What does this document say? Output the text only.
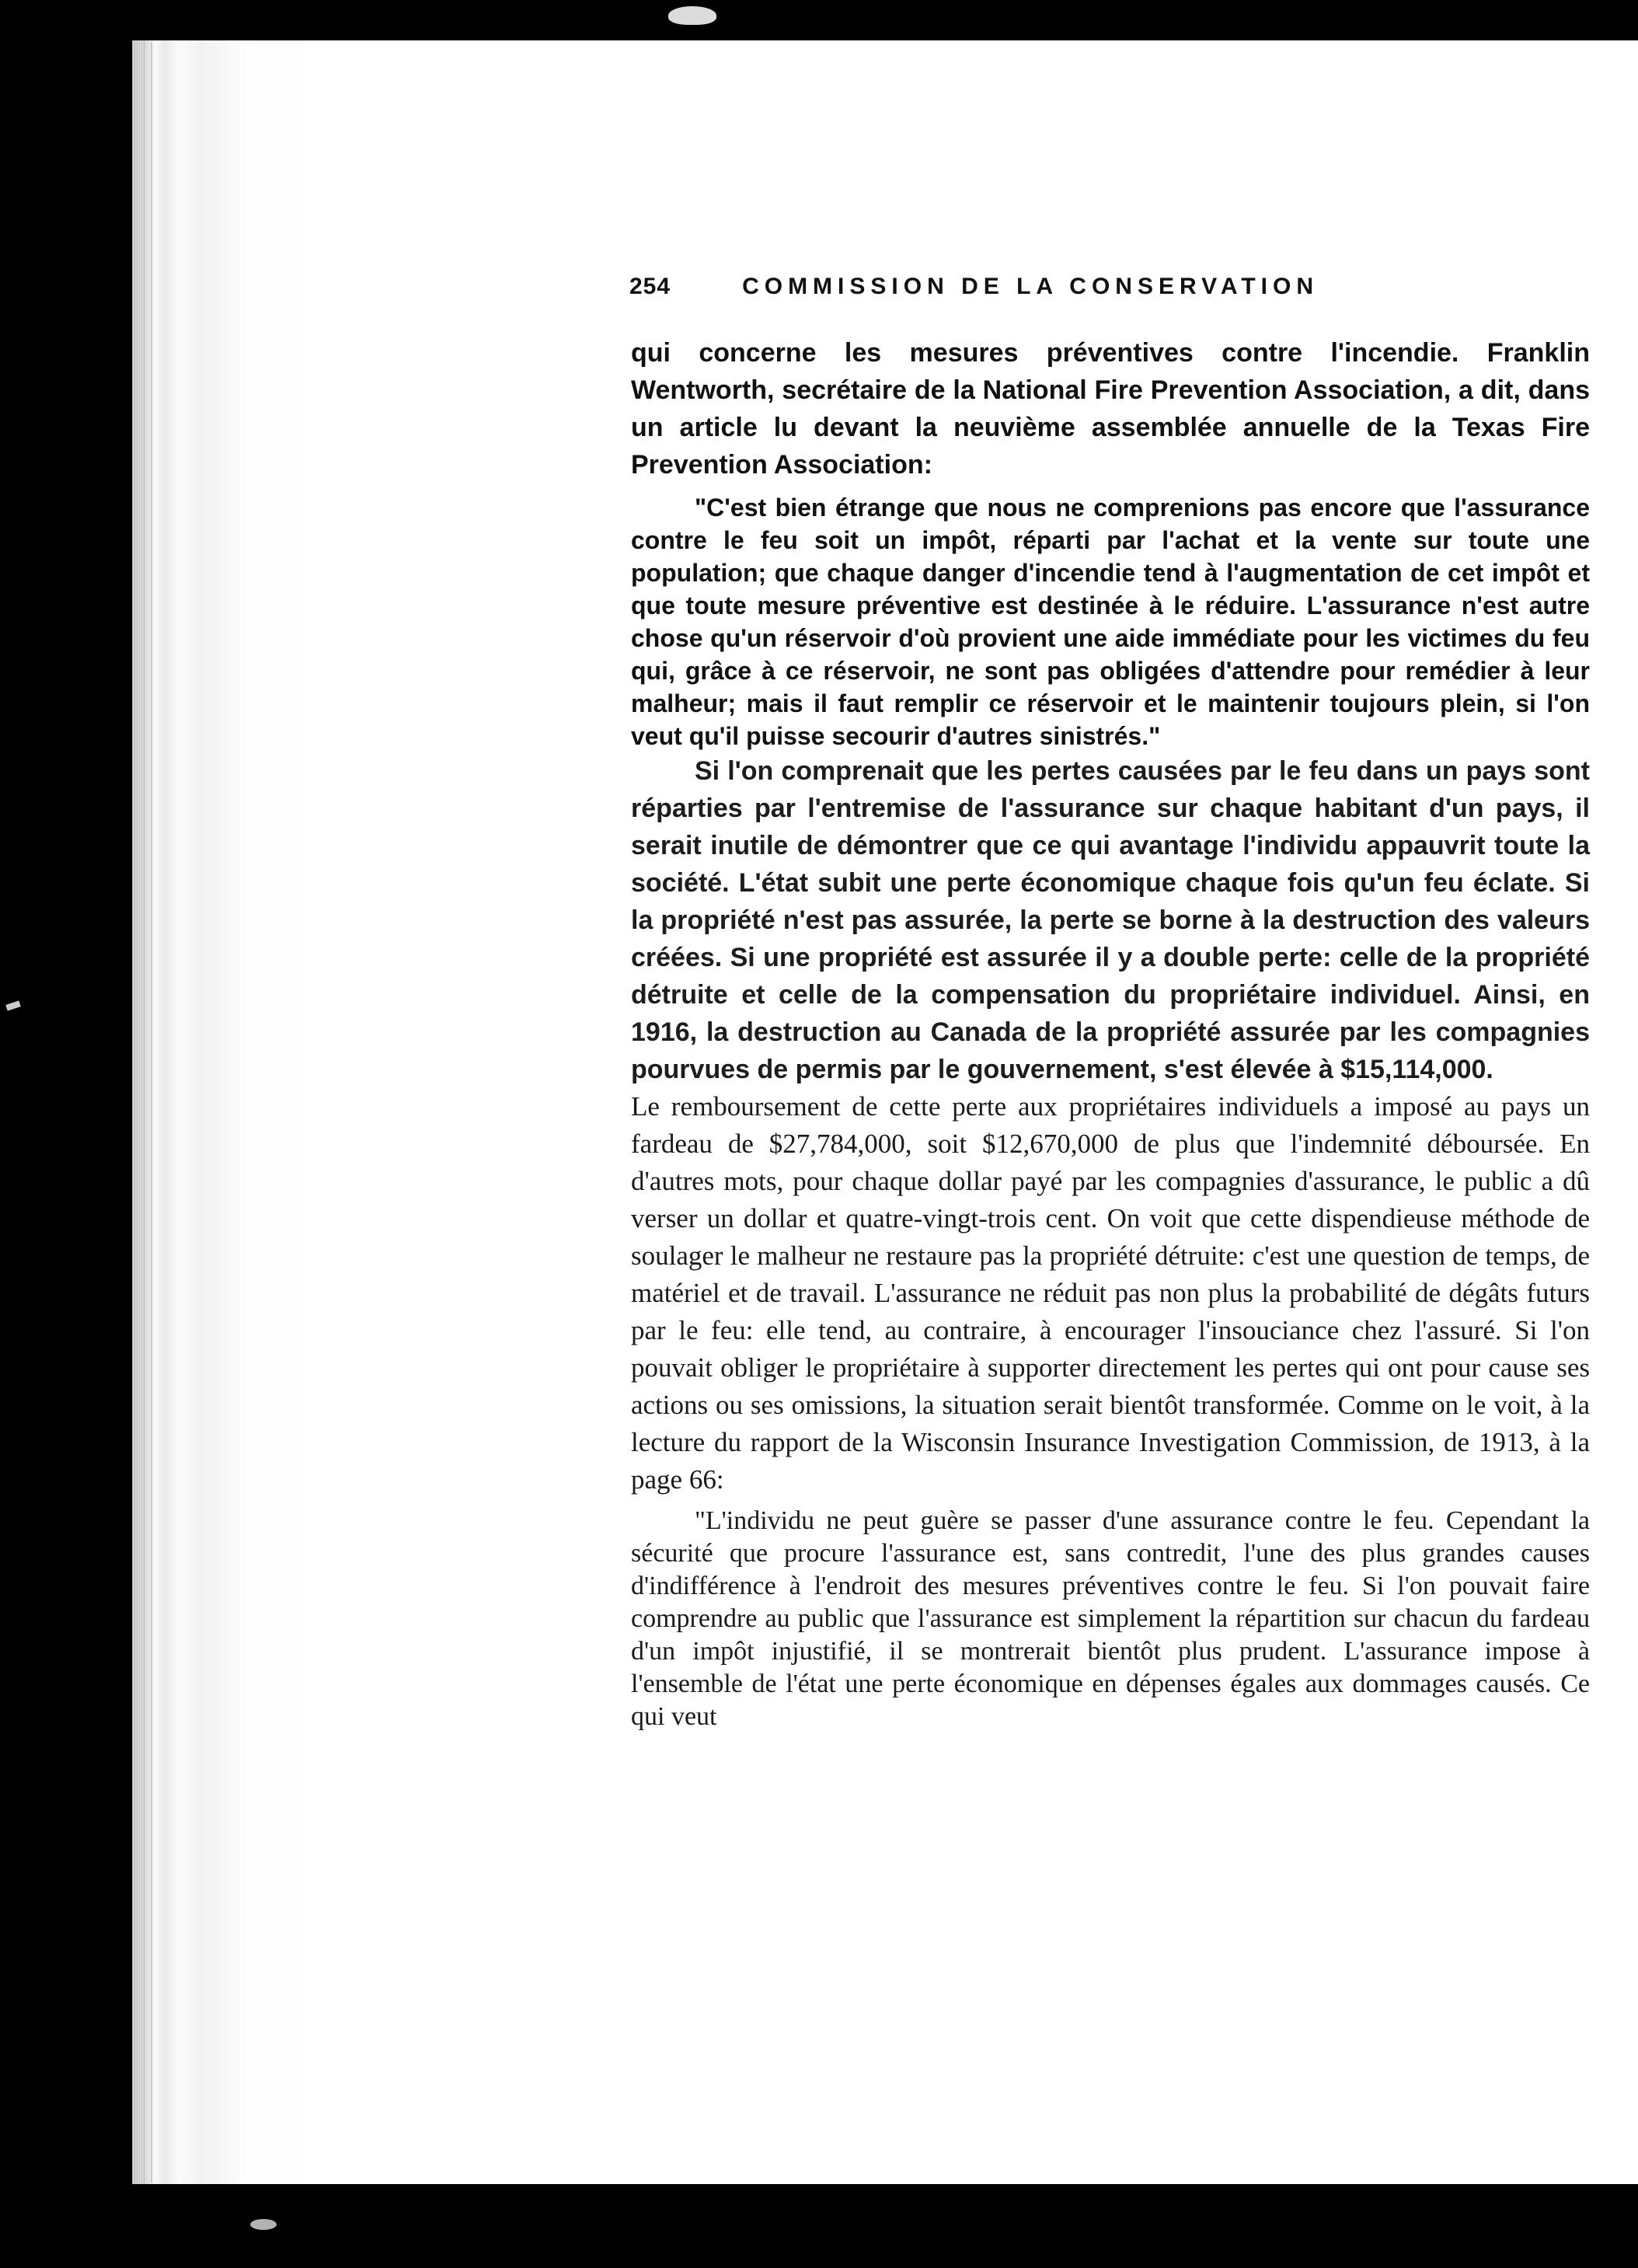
254	COMMISSION DE LA CONSERVATION

qui concerne les mesures préventives contre l'incendie. Franklin Wentworth, secrétaire de la National Fire Prevention Association, a dit, dans un article lu devant la neuvième assemblée annuelle de la Texas Fire Prevention Association:

"C'est bien étrange que nous ne comprenions pas encore que l'assurance contre le feu soit un impôt, réparti par l'achat et la vente sur toute une population; que chaque danger d'incendie tend à l'augmentation de cet impôt et que toute mesure préventive est destinée à le réduire. L'assurance n'est autre chose qu'un réservoir d'où provient une aide immédiate pour les victimes du feu qui, grâce à ce réservoir, ne sont pas obligées d'attendre pour remédier à leur malheur; mais il faut remplir ce réservoir et le maintenir toujours plein, si l'on veut qu'il puisse secourir d'autres sinistrés."

Si l'on comprenait que les pertes causées par le feu dans un pays sont réparties par l'entremise de l'assurance sur chaque habitant d'un pays, il serait inutile de démontrer que ce qui avantage l'individu appauvrit toute la société. L'état subit une perte économique chaque fois qu'un feu éclate. Si la propriété n'est pas assurée, la perte se borne à la destruction des valeurs créées. Si une propriété est assurée il y a double perte: celle de la propriété détruite et celle de la compensation du propriétaire individuel. Ainsi, en 1916, la destruction au Canada de la propriété assurée par les compagnies pourvues de permis par le gouvernement, s'est élevée à $15,114,000.

Le remboursement de cette perte aux propriétaires individuels a imposé au pays un fardeau de $27,784,000, soit $12,670,000 de plus que l'indemnité déboursée. En d'autres mots, pour chaque dollar payé par les compagnies d'assurance, le public a dû verser un dollar et quatre-vingt-trois cent. On voit que cette dispendieuse méthode de soulager le malheur ne restaure pas la propriété détruite: c'est une question de temps, de matériel et de travail. L'assurance ne réduit pas non plus la probabilité de dégâts futurs par le feu: elle tend, au contraire, à encourager l'insouciance chez l'assuré. Si l'on pouvait obliger le propriétaire à supporter directement les pertes qui ont pour cause ses actions ou ses omissions, la situation serait bientôt transformée. Comme on le voit, à la lecture du rapport de la Wisconsin Insurance Investigation Commission, de 1913, à la page 66:

"L'individu ne peut guère se passer d'une assurance contre le feu. Cependant la sécurité que procure l'assurance est, sans contredit, l'une des plus grandes causes d'indifférence à l'endroit des mesures préventives contre le feu. Si l'on pouvait faire comprendre au public que l'assurance est simplement la répartition sur chacun du fardeau d'un impôt injustifié, il se montrerait bientôt plus prudent. L'assurance impose à l'ensemble de l'état une perte économique en dépenses égales aux dommages causés. Ce qui veut
